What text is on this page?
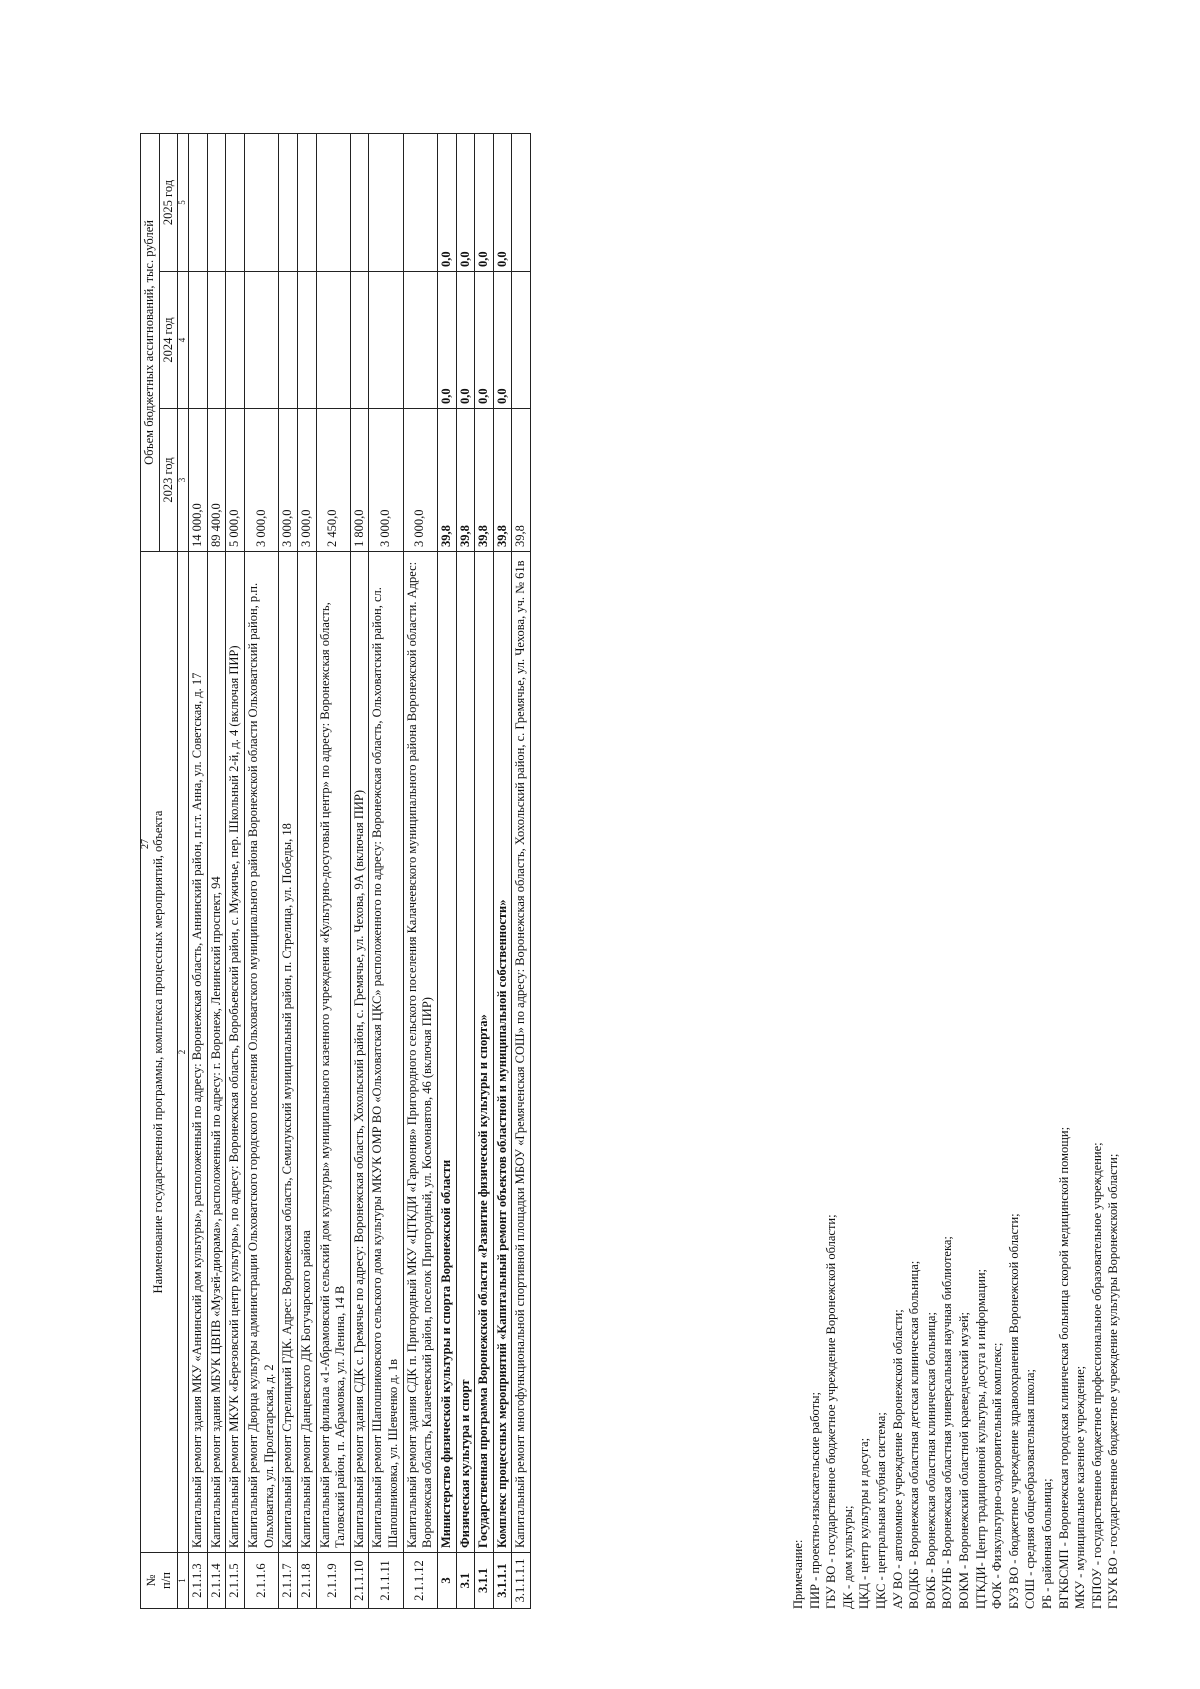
27
№
п/п	Наименование государственной программы, комплекса процессных мероприятий, объекта	Объем бюджетных ассигнований, тыс. рублей		
		2023 год	2024 год	2025 год
1	2	3	4	5
2.1.1.3	Капитальный ремонт здания МКУ «Аннинский дом культуры», расположенный по адресу: Воронежская область, Аннинский район, п.г.т. Анна, ул. Советская, д. 17	14 000,0		
2.1.1.4	Капитальный ремонт здания МБУК ЦВПВ «Музей-диорама», расположенный по адресу: г. Воронеж, Ленинский проспект, 94	89 400,0		
2.1.1.5	Капитальный ремонт МКУК «Березовский центр культуры», по адресу: Воронежская область, Воробьевский район, с. Мужичье, пер. Школьный 2-й, д. 4 (включая ПИР)	5 000,0		
2.1.1.6	Капитальный ремонт Дворца культуры администрации Ольховатского городского поселения Ольховатского муниципального района Воронежской области Ольховатский район, р.п. Ольховатка, ул. Пролетарская, д. 2	3 000,0		
2.1.1.7	Капитальный ремонт Стрелицкий ГДК. Адрес: Воронежская область, Семилукский муниципальный район, п. Стрелица, ул. Победы, 18	3 000,0		
2.1.1.8	Капитальный ремонт Данцевского ДК Богучарского района	3 000,0		
2.1.1.9	Капитальный ремонт филиала «1-Абрамовский сельский дом культуры» муниципального казенного учреждения «Культурно-досуговый центр» по адресу: Воронежская область, Таловский район, п. Абрамовка, ул. Ленина, 14 В	2 450,0		
2.1.1.10	Капитальный ремонт здания СДК с. Гремячье по адресу: Воронежская область, Хохольский район, с. Гремячье, ул. Чехова, 9А (включая ПИР)	1 800,0		
2.1.1.11	Капитальный ремонт Шапошниковского сельского дома культуры МКУК ОМР ВО «Ольховатская ЦКС» расположенного по адресу: Воронежская область, Ольховатский район, сл. Шапошниковка, ул. Шевченко д. 1в	3 000,0		
2.1.1.12	Капитальный ремонт здания СДК п. Пригородный МКУ «ЦТКДИ «Гармония» Пригородного сельского поселения Калачеевского муниципального района Воронежской области. Адрес: Воронежская область, Калачеевский район, поселок Пригородный, ул. Космонавтов, 46 (включая ПИР)	3 000,0		
3	Министерство физической культуры и спорта Воронежской области	39,8	0,0	0,0
3.1	Физическая культура и спорт	39,8	0,0	0,0
3.1.1	Государственная программа Воронежской области «Развитие физической культуры и спорта»	39,8	0,0	0,0
3.1.1.1	Комплекс процессных мероприятий «Капитальный ремонт объектов областной и муниципальной собственности»	39,8	0,0	0,0
3.1.1.1.1	Капитальный ремонт многофункциональной спортивной площадки МБОУ «Гремяченская СОШ» по адресу: Воронежская область, Хохольский район, с. Гремячье, ул. Чехова, уч. № 61в	39,8		

Примечание: ПИР - проектно-изыскательские работы; ГБУ ВО - государственное бюджетное учреждение Воронежской области; ДК - дом культуры; ЦКД - центр культуры и досуга; ЦКС - центральная клубная система; АУ ВО - автономное учреждение Воронежской области; ВОДКБ - Воронежская областная детская клиническая больница; ВОКБ - Воронежская областная клиническая больница; ВОУНБ - Воронежская областная универсальная научная библиотека; ВОКМ - Воронежский областной краеведческий музей; ЦТКДИ- Центр традиционной культуры, досуга и информации; ФОК - Физкультурно-оздоровительный комплекс; БУЗ ВО - бюджетное учреждение здравоохранения Воронежской области; СОШ - средняя общеобразовательная школа; РБ - районная больница; ВГКБСМП - Воронежская городская клиническая больница скорой медицинской помощи; МКУ - муниципальное казенное учреждение; ГБПОУ - государственное бюджетное профессиональное образовательное учреждение; ГБУК ВО - государственное бюджетное учреждение культуры Воронежской области;
